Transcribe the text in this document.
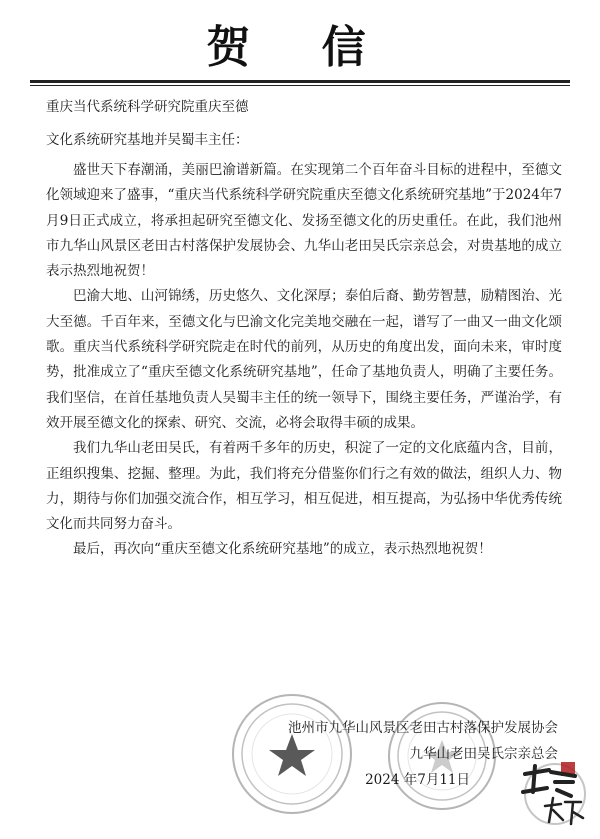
贺 信
重庆当代系统科学研究院重庆至德
文化系统研究基地并吴蜀丰主任：

盛世天下春潮涌，美丽巴渝谱新篇。在实现第二个百年奋斗目标的进程中，至德文化领域迎来了盛事，“重庆当代系统科学研究院重庆至德文化系统研究基地”于2024年7月9日正式成立，将承担起研究至德文化、发扬至德文化的历史重任。在此，我们池州市九华山风景区老田古村落保护发展协会、九华山老田吴氏宗亲总会，对贵基地的成立表示热烈地祝贺！

巴渝大地、山河锦绣，历史悠久、文化深厚；泰伯后裔、勤劳智慧，励精图治、光大至德。千百年来，至德文化与巴渝文化完美地交融在一起，谱写了一曲又一曲文化颂歌。重庆当代系统科学研究院走在时代的前列，从历史的角度出发，面向未来，审时度势，批准成立了“重庆至德文化系统研究基地”，任命了基地负责人，明确了主要任务。我们坚信，在首任基地负责人吴蜀丰主任的统一领导下，围绕主要任务，严谨治学，有效开展至德文化的探索、研究、交流，必将会取得丰硕的成果。

我们九华山老田吴氏，有着两千多年的历史，积淀了一定的文化底蕴内含，目前，正组织搜集、挖掘、整理。为此，我们将充分借鉴你们行之有效的做法，组织人力、物力，期待与你们加强交流合作，相互学习，相互促进，相互提高，为弘扬中华优秀传统文化而共同努力奋斗。

最后，再次向“重庆至德文化系统研究基地”的成立，表示热烈地祝贺！

池州市九华山风景区老田古村落保护发展协会
九华山老田吴氏宗亲总会
2024 年7月11日
